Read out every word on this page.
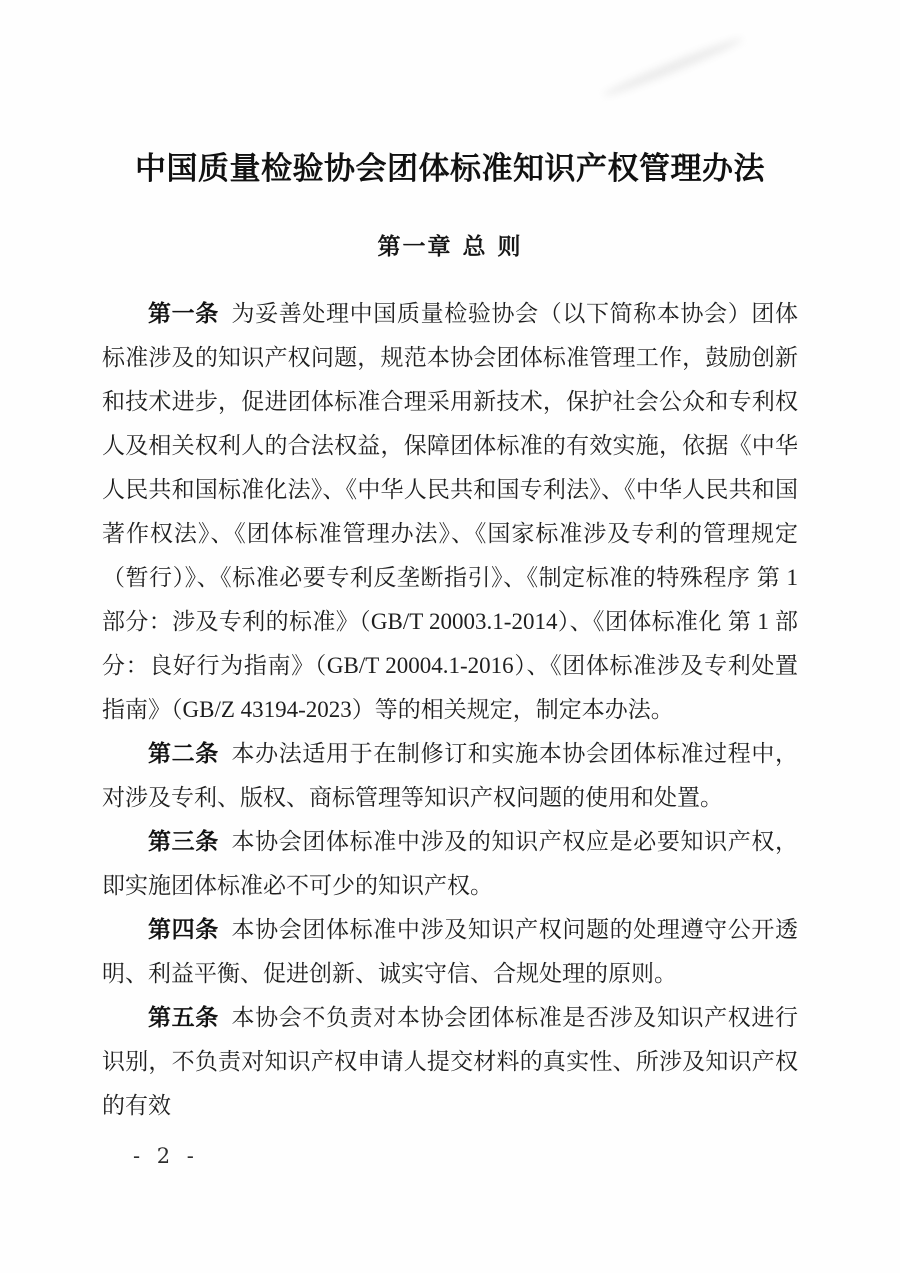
中国质量检验协会团体标准知识产权管理办法
第一章 总 则

第一条 为妥善处理中国质量检验协会（以下简称本协会）团体标准涉及的知识产权问题，规范本协会团体标准管理工作，鼓励创新和技术进步，促进团体标准合理采用新技术，保护社会公众和专利权人及相关权利人的合法权益，保障团体标准的有效实施，依据《中华人民共和国标准化法》、《中华人民共和国专利法》、《中华人民共和国著作权法》、《团体标准管理办法》、《国家标准涉及专利的管理规定（暂行）》、《标准必要专利反垄断指引》、《制定标准的特殊程序 第 1 部分：涉及专利的标准》（GB/T 20003.1-2014）、《团体标准化 第 1 部分：良好行为指南》（GB/T 20004.1-2016）、《团体标准涉及专利处置指南》（GB/Z 43194-2023）等的相关规定，制定本办法。

第二条 本办法适用于在制修订和实施本协会团体标准过程中，对涉及专利、版权、商标管理等知识产权问题的使用和处置。

第三条 本协会团体标准中涉及的知识产权应是必要知识产权，即实施团体标准必不可少的知识产权。

第四条 本协会团体标准中涉及知识产权问题的处理遵守公开透明、利益平衡、促进创新、诚实守信、合规处理的原则。

第五条 本协会不负责对本协会团体标准是否涉及知识产权进行识别，不负责对知识产权申请人提交材料的真实性、所涉及知识产权的有效

- 2 -
